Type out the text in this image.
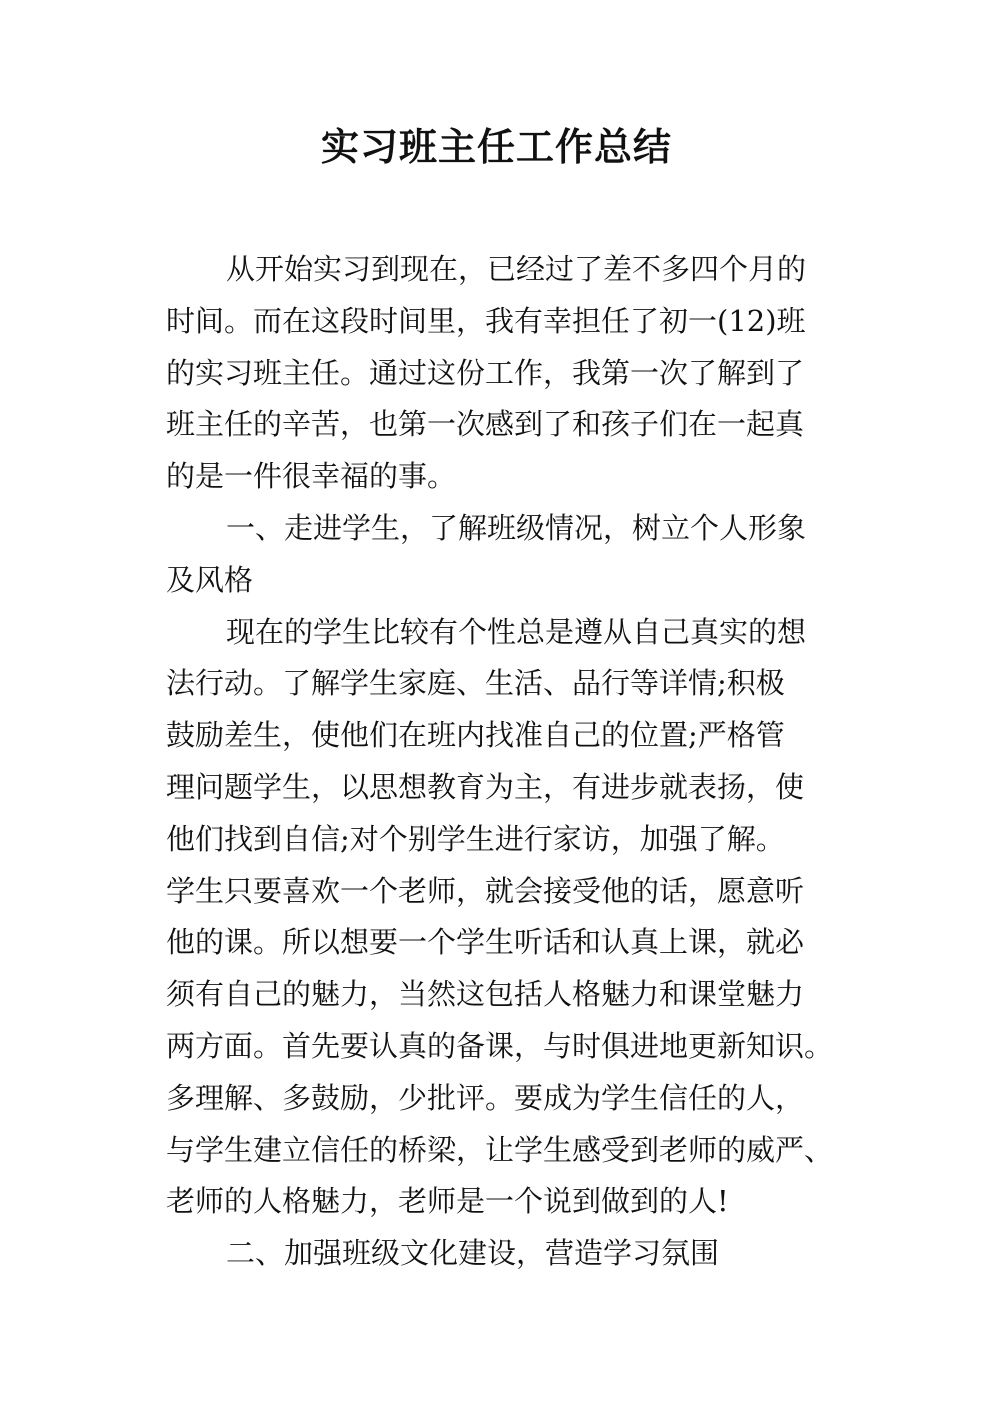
实习班主任工作总结
从开始实习到现在，已经过了差不多四个月的
时间。而在这段时间里，我有幸担任了初一(12)班
的实习班主任。通过这份工作，我第一次了解到了
班主任的辛苦，也第一次感到了和孩子们在一起真
的是一件很幸福的事。
一、走进学生，了解班级情况，树立个人形象
及风格
现在的学生比较有个性总是遵从自己真实的想
法行动。了解学生家庭、生活、品行等详情;积极
鼓励差生，使他们在班内找准自己的位置;严格管
理问题学生，以思想教育为主，有进步就表扬，使
他们找到自信;对个别学生进行家访，加强了解。
学生只要喜欢一个老师，就会接受他的话，愿意听
他的课。所以想要一个学生听话和认真上课，就必
须有自己的魅力，当然这包括人格魅力和课堂魅力
两方面。首先要认真的备课，与时俱进地更新知识。
多理解、多鼓励，少批评。要成为学生信任的人，
与学生建立信任的桥梁，让学生感受到老师的威严、
老师的人格魅力，老师是一个说到做到的人!
二、加强班级文化建设，营造学习氛围
